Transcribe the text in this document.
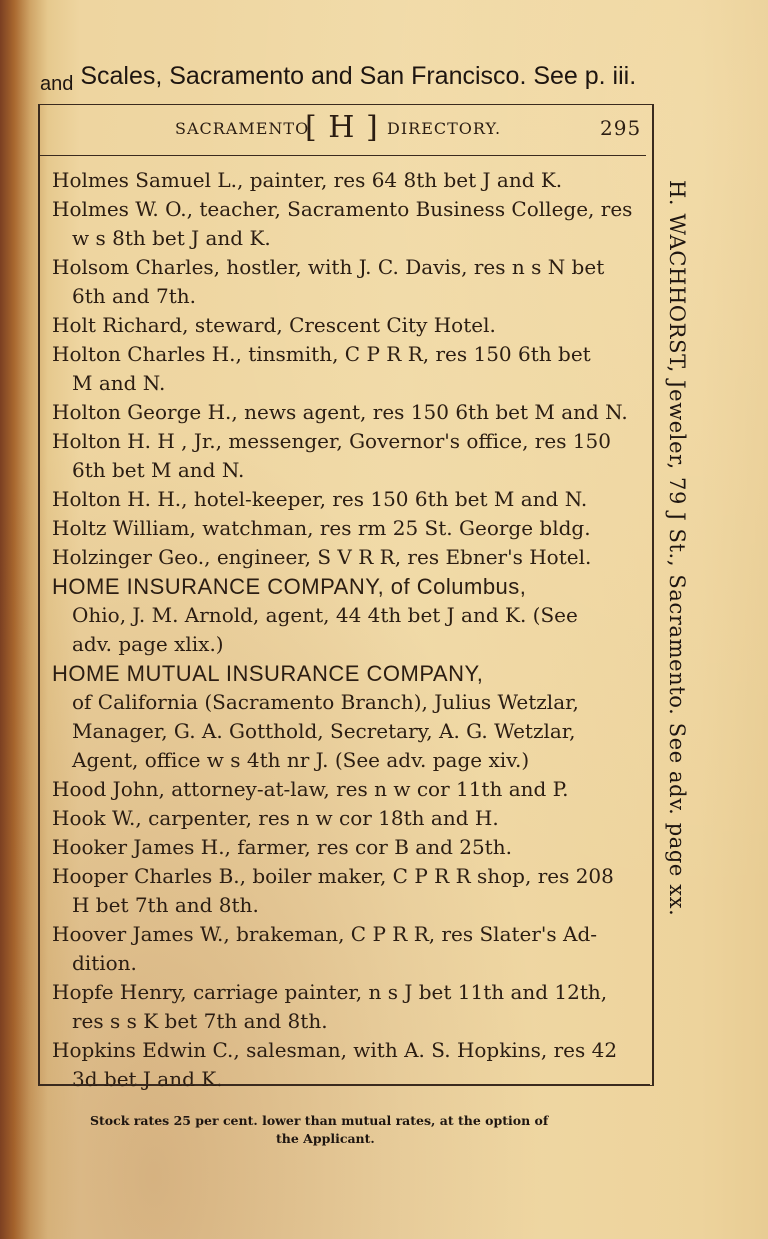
$_{and}$ Scales, Sacramento and San Francisco. See p. iii.
SACRAMENTO
[ H ] DIRECTORY.	295
Holmes Samuel L., painter, res 64 8th bet J and K.
Holmes W. O., teacher, Sacramento Business College, res
w s 8th bet J and K.
Holsom Charles, hostler, with J. C. Davis, res n s N bet
6th and 7th.
Holt Richard, steward, Crescent City Hotel.
Holton Charles H., tinsmith, C P R R, res 150 6th bet
M and N.
Holton George H., news agent, res 150 6th bet M and N.
Holton H. H , Jr., messenger, Governor's office, res 150
6th bet M and N.
Holton H. H., hotel-keeper, res 150 6th bet M and N.
Holtz William, watchman, res rm 25 St. George bldg.
Holzinger Geo., engineer, S V R R, res Ebner's Hotel.
HOME INSURANCE COMPANY, of Columbus,
Ohio, J. M. Arnold, agent, 44 4th bet J and K. (See
adv. page xlix.)
HOME MUTUAL INSURANCE COMPANY,
of California (Sacramento Branch), Julius Wetzlar,
Manager, G. A. Gotthold, Secretary, A. G. Wetzlar,
Agent, office w s 4th nr J. (See adv. page xiv.)
Hood John, attorney-at-law, res n w cor 11th and P.
Hook W., carpenter, res n w cor 18th and H.
Hooker James H., farmer, res cor B and 25th.
Hooper Charles B., boiler maker, C P R R shop, res 208
H bet 7th and 8th.
Hoover James W., brakeman, C P R R, res Slater's Ad-
dition.
Hopfe Henry, carriage painter, n s J bet 11th and 12th,
res s s K bet 7th and 8th.
Hopkins Edwin C., salesman, with A. S. Hopkins, res 42
3d bet J and K.
Stock rates 25 per cent. lower than mutual rates, at the option of
the Applicant.
H. WACHHORST, Jeweler, 79 J St., Sacramento. See adv. page xx.
